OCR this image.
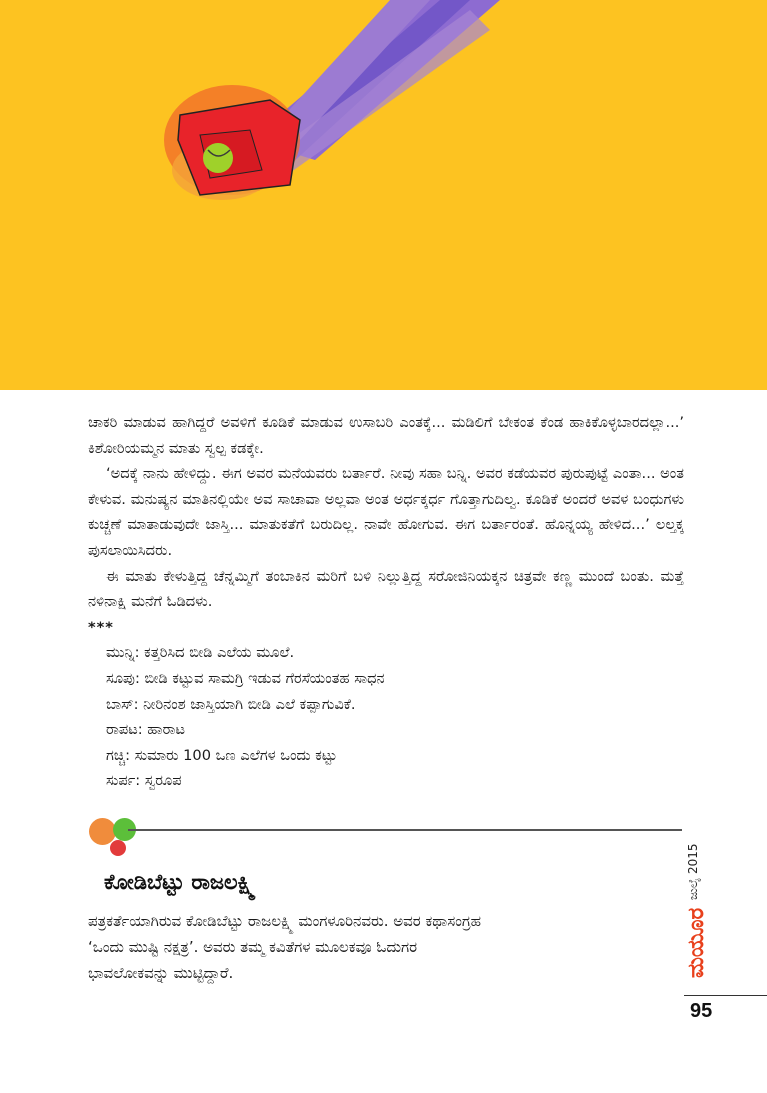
ಚಾಕರಿ ಮಾಡುವ ಹಾಗಿದ್ದರೆ ಅವಳಿಗೆ ಕೂಡಿಕೆ ಮಾಡುವ ಉಸಾಬರಿ ಎಂತಕ್ಕೆ... ಮಡಿಲಿಗೆ ಬೇಕಂತ ಕೆಂಡ ಹಾಕಿಕೊಳ್ಳಬಾರದಲ್ಲಾ...’ ಕಿಶೋರಿಯಮ್ಮನ ಮಾತು ಸ್ವಲ್ಪ ಕಡಕ್ಕೇ.

‘ಅದಕ್ಕೆ ನಾನು ಹೇಳಿದ್ದು. ಈಗ ಅವರ ಮನೆಯವರು ಬರ್ತಾರೆ. ನೀವು ಸಹಾ ಬನ್ನಿ. ಅವರ ಕಡೆಯವರ ಪುರುಪುಟ್ಟೆ ಎಂತಾ... ಅಂತ ಕೇಳುವ. ಮನುಷ್ಯನ ಮಾತಿನಲ್ಲಿಯೇ ಅವ ಸಾಚಾವಾ ಅಲ್ಲವಾ ಅಂತ ಅರ್ಧಕ್ಕರ್ಧ ಗೊತ್ತಾಗುದಿಲ್ವ. ಕೂಡಿಕೆ ಅಂದರೆ ಅವಳ ಬಂಧುಗಳು ಕುಚ್ಚಣೆ ಮಾತಾಡುವುದೇ ಜಾಸ್ತಿ... ಮಾತುಕತೆಗೆ ಬರುದಿಲ್ಲ. ನಾವೇ ಹೋಗುವ. ಈಗ ಬರ್ತಾರಂತೆ. ಹೊನ್ನಯ್ಯ ಹೇಳಿದ...’ ಲಲ್ತಕ್ಕ ಪುಸಲಾಯಿಸಿದರು.

ಈ ಮಾತು ಕೇಳುತ್ತಿದ್ದ ಚೆನ್ನಮ್ಮಿಗೆ ತಂಬಾಕಿನ ಮರಿಗೆ ಬಳಿ ನಿಲ್ಲುತ್ತಿದ್ದ ಸರೋಜಿನಿಯಕ್ಕನ ಚಿತ್ರವೇ ಕಣ್ಣ ಮುಂದೆ ಬಂತು. ಮತ್ತೆ ನಳಿನಾಕ್ಷಿ ಮನೆಗೆ ಓಡಿದಳು.

***

ಮುನ್ನಿ: ಕತ್ತರಿಸಿದ ಬೀಡಿ ಎಲೆಯ ಮೂಲೆ.
ಸೂಪು: ಬೀಡಿ ಕಟ್ಟುವ ಸಾಮಗ್ರಿ ಇಡುವ ಗೆರಸೆಯಂತಹ ಸಾಧನ
ಬಾಸ್: ನೀರಿನಂಶ ಜಾಸ್ತಿಯಾಗಿ ಬೀಡಿ ಎಲೆ ಕಪ್ಪಾಗುವಿಕೆ.
ರಾಪಟ: ಹಾರಾಟ
ಗಚ್ಚಿ: ಸುಮಾರು 100 ಒಣ ಎಲೆಗಳ ಒಂದು ಕಟ್ಟು
ಸುರ್ಪ: ಸ್ವರೂಪ
ಕೋಡಿಬೆಟ್ಟು ರಾಜಲಕ್ಷ್ಮಿ

ಪತ್ರಕರ್ತೆಯಾಗಿರುವ ಕೋಡಿಬೆಟ್ಟು ರಾಜಲಕ್ಷ್ಮಿ ಮಂಗಳೂರಿನವರು. ಅವರ ಕಥಾಸಂಗ್ರಹ

‘ಒಂದು ಮುಷ್ಟಿ ನಕ್ಷತ್ರ’. ಅವರು ತಮ್ಮ ಕವಿತೆಗಳ ಮೂಲಕವೂ ಓದುಗರ

ಭಾವಲೋಕವನ್ನು ಮುಟ್ಟಿದ್ದಾರೆ.

ಜುಲೈ 2015
ಮಯೂರ
95
